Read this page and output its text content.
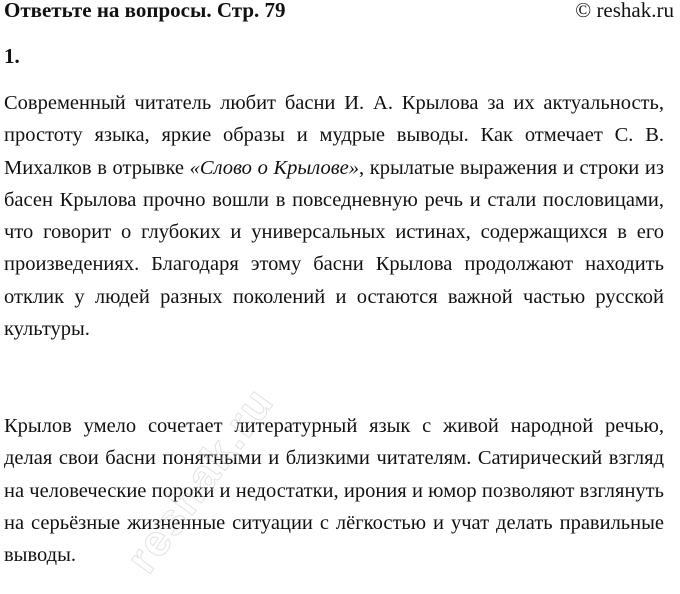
Ответьте на вопросы. Стр. 79	© reshak.ru
1.

Современный читатель любит басни И. А. Крылова за их актуальность, простоту языка, яркие образы и мудрые выводы. Как отмечает С. В. Михалков в отрывке «Слово о Крылове», крылатые выражения и строки из басен Крылова прочно вошли в повседневную речь и стали пословицами, что говорит о глубоких и универсальных истинах, содержащихся в его произведениях. Благодаря этому басни Крылова продолжают находить отклик у людей разных поколений и остаются важной частью русской культуры.

Крылов умело сочетает литературный язык с живой народной речью, делая свои басни понятными и близкими читателям. Сатирический взгляд на человеческие пороки и недостатки, ирония и юмор позволяют взглянуть на серьёзные жизненные ситуации с лёгкостью и учат делать правильные выводы. reshak.ru
